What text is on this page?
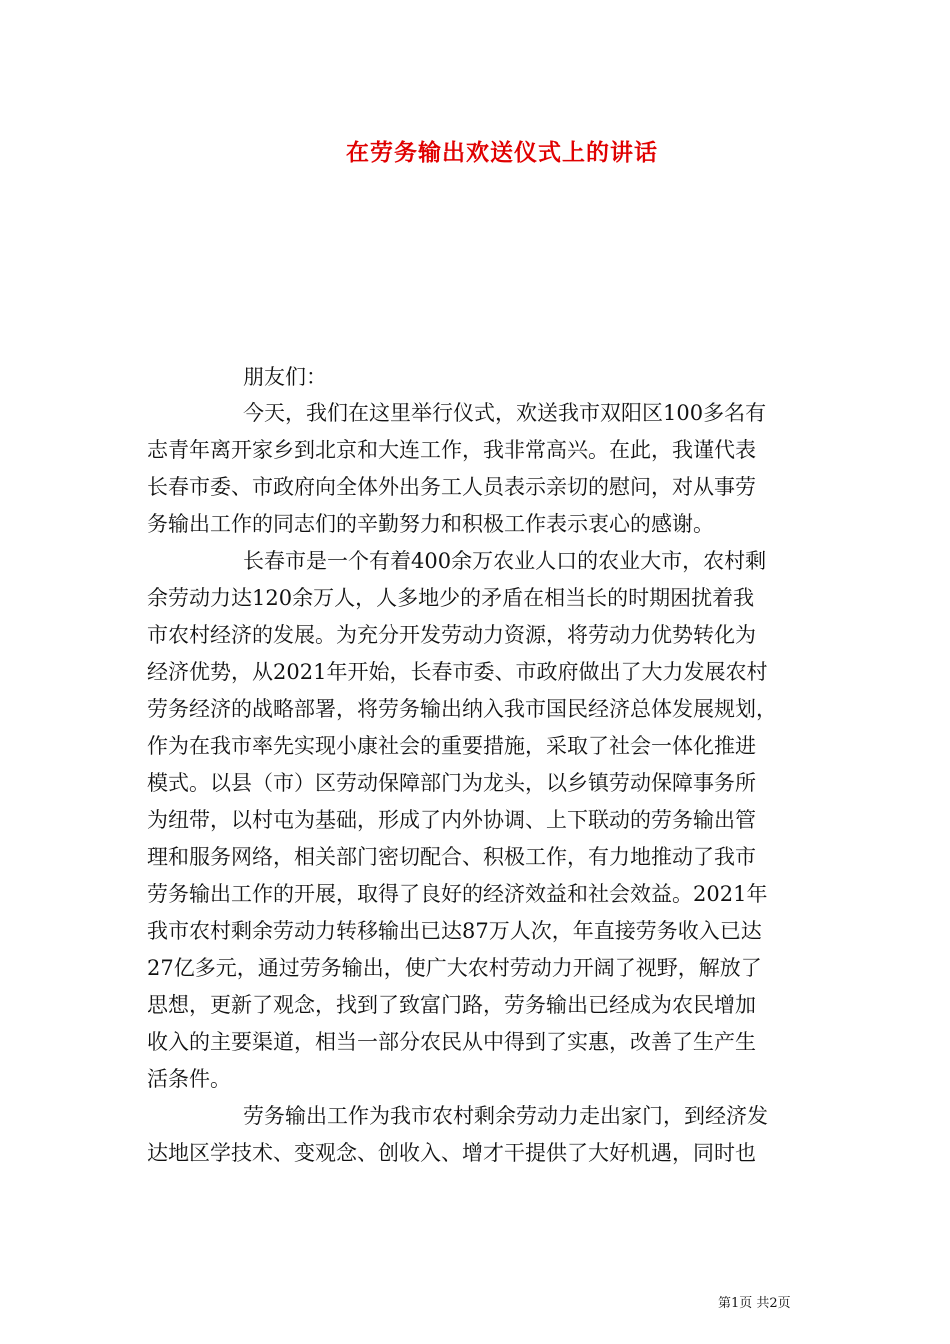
在劳务输出欢送仪式上的讲话
朋友们：
今天，我们在这里举行仪式，欢送我市双阳区100多名有
志青年离开家乡到北京和大连工作，我非常高兴。在此，我谨代表
长春市委、市政府向全体外出务工人员表示亲切的慰问，对从事劳
务输出工作的同志们的辛勤努力和积极工作表示衷心的感谢。
长春市是一个有着400余万农业人口的农业大市，农村剩
余劳动力达120余万人，人多地少的矛盾在相当长的时期困扰着我
市农村经济的发展。为充分开发劳动力资源，将劳动力优势转化为
经济优势，从2021年开始，长春市委、市政府做出了大力发展农村
劳务经济的战略部署，将劳务输出纳入我市国民经济总体发展规划，
作为在我市率先实现小康社会的重要措施，采取了社会一体化推进
模式。以县（市）区劳动保障部门为龙头，以乡镇劳动保障事务所
为纽带，以村屯为基础，形成了内外协调、上下联动的劳务输出管
理和服务网络，相关部门密切配合、积极工作，有力地推动了我市
劳务输出工作的开展，取得了良好的经济效益和社会效益。2021年
我市农村剩余劳动力转移输出已达87万人次，年直接劳务收入已达
27亿多元，通过劳务输出，使广大农村劳动力开阔了视野，解放了
思想，更新了观念，找到了致富门路，劳务输出已经成为农民增加
收入的主要渠道，相当一部分农民从中得到了实惠，改善了生产生
活条件。
劳务输出工作为我市农村剩余劳动力走出家门，到经济发
达地区学技术、变观念、创收入、增才干提供了大好机遇，同时也
第1页 共2页
